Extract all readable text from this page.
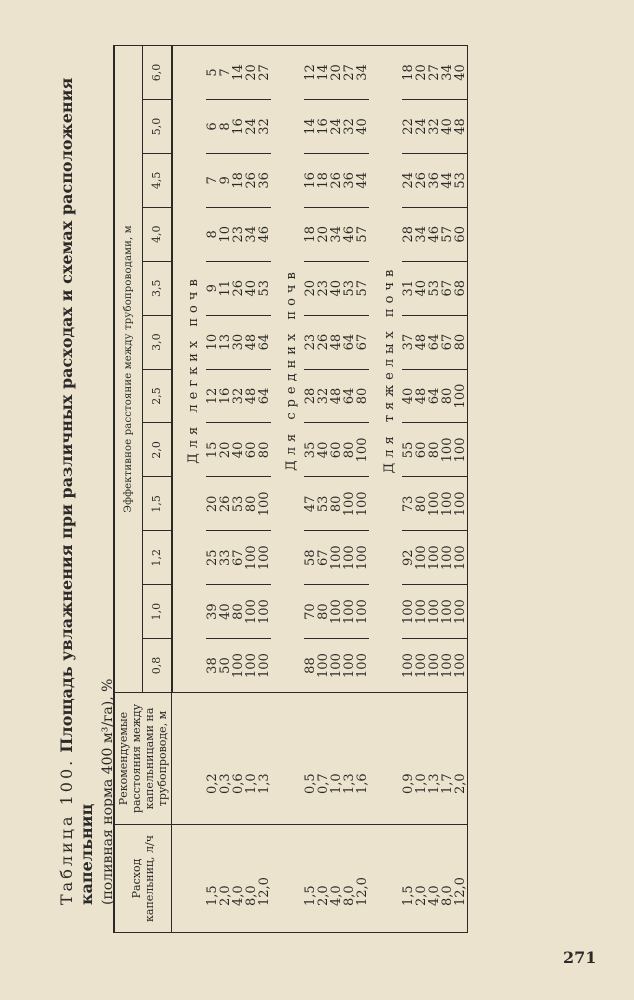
Таблица 100. Площадь увлажнения при различных расходах и схемах расположения капельниц (поливная норма 400 м³/га), % Расход капельниц, л/ч	Рекомендуемые расстояния между капельницами на трубопроводе, м	Эффективное расстояние между трубопроводами, м											
		0,8	1,0	1,2	1,5	2,0	2,5	3,0	3,5	4,0	4,5	5,0	6,0
		Для легких почв											
1,5	0,2	38	39	25	20	15	12	10	9	8	7	6	5
2,0	0,3	50	40	33	26	20	16	13	11	10	9	8	7
4,0	0,6	100	80	67	53	40	32	30	26	23	18	16	14
8,0	1,0	100	100	100	80	60	48	48	40	34	26	24	20
12,0	1,3	100	100	100	100	80	64	64	53	46	36	32	27
		Для средних почв											
1,5	0,5	88	70	58	47	35	28	23	20	18	16	14	12
2,0	0,7	100	80	67	53	40	32	26	23	20	18	16	14
4,0	1,0	100	100	100	80	60	48	48	40	34	26	24	20
8,0	1,3	100	100	100	100	80	64	64	53	46	36	32	27
12,0	1,6	100	100	100	100	100	80	67	57	57	44	40	34
		Для тяжелых почв											
1,5	0,9	100	100	92	73	55	40	37	31	28	24	22	18
2,0	1,0	100	100	100	80	60	48	48	40	34	26	24	20
4,0	1,3	100	100	100	100	80	64	64	53	46	36	32	27
8,0	1,7	100	100	100	100	100	80	67	67	57	44	40	34
12,0	2,0	100	100	100	100	100	100	80	68	60	53	48	40
271
